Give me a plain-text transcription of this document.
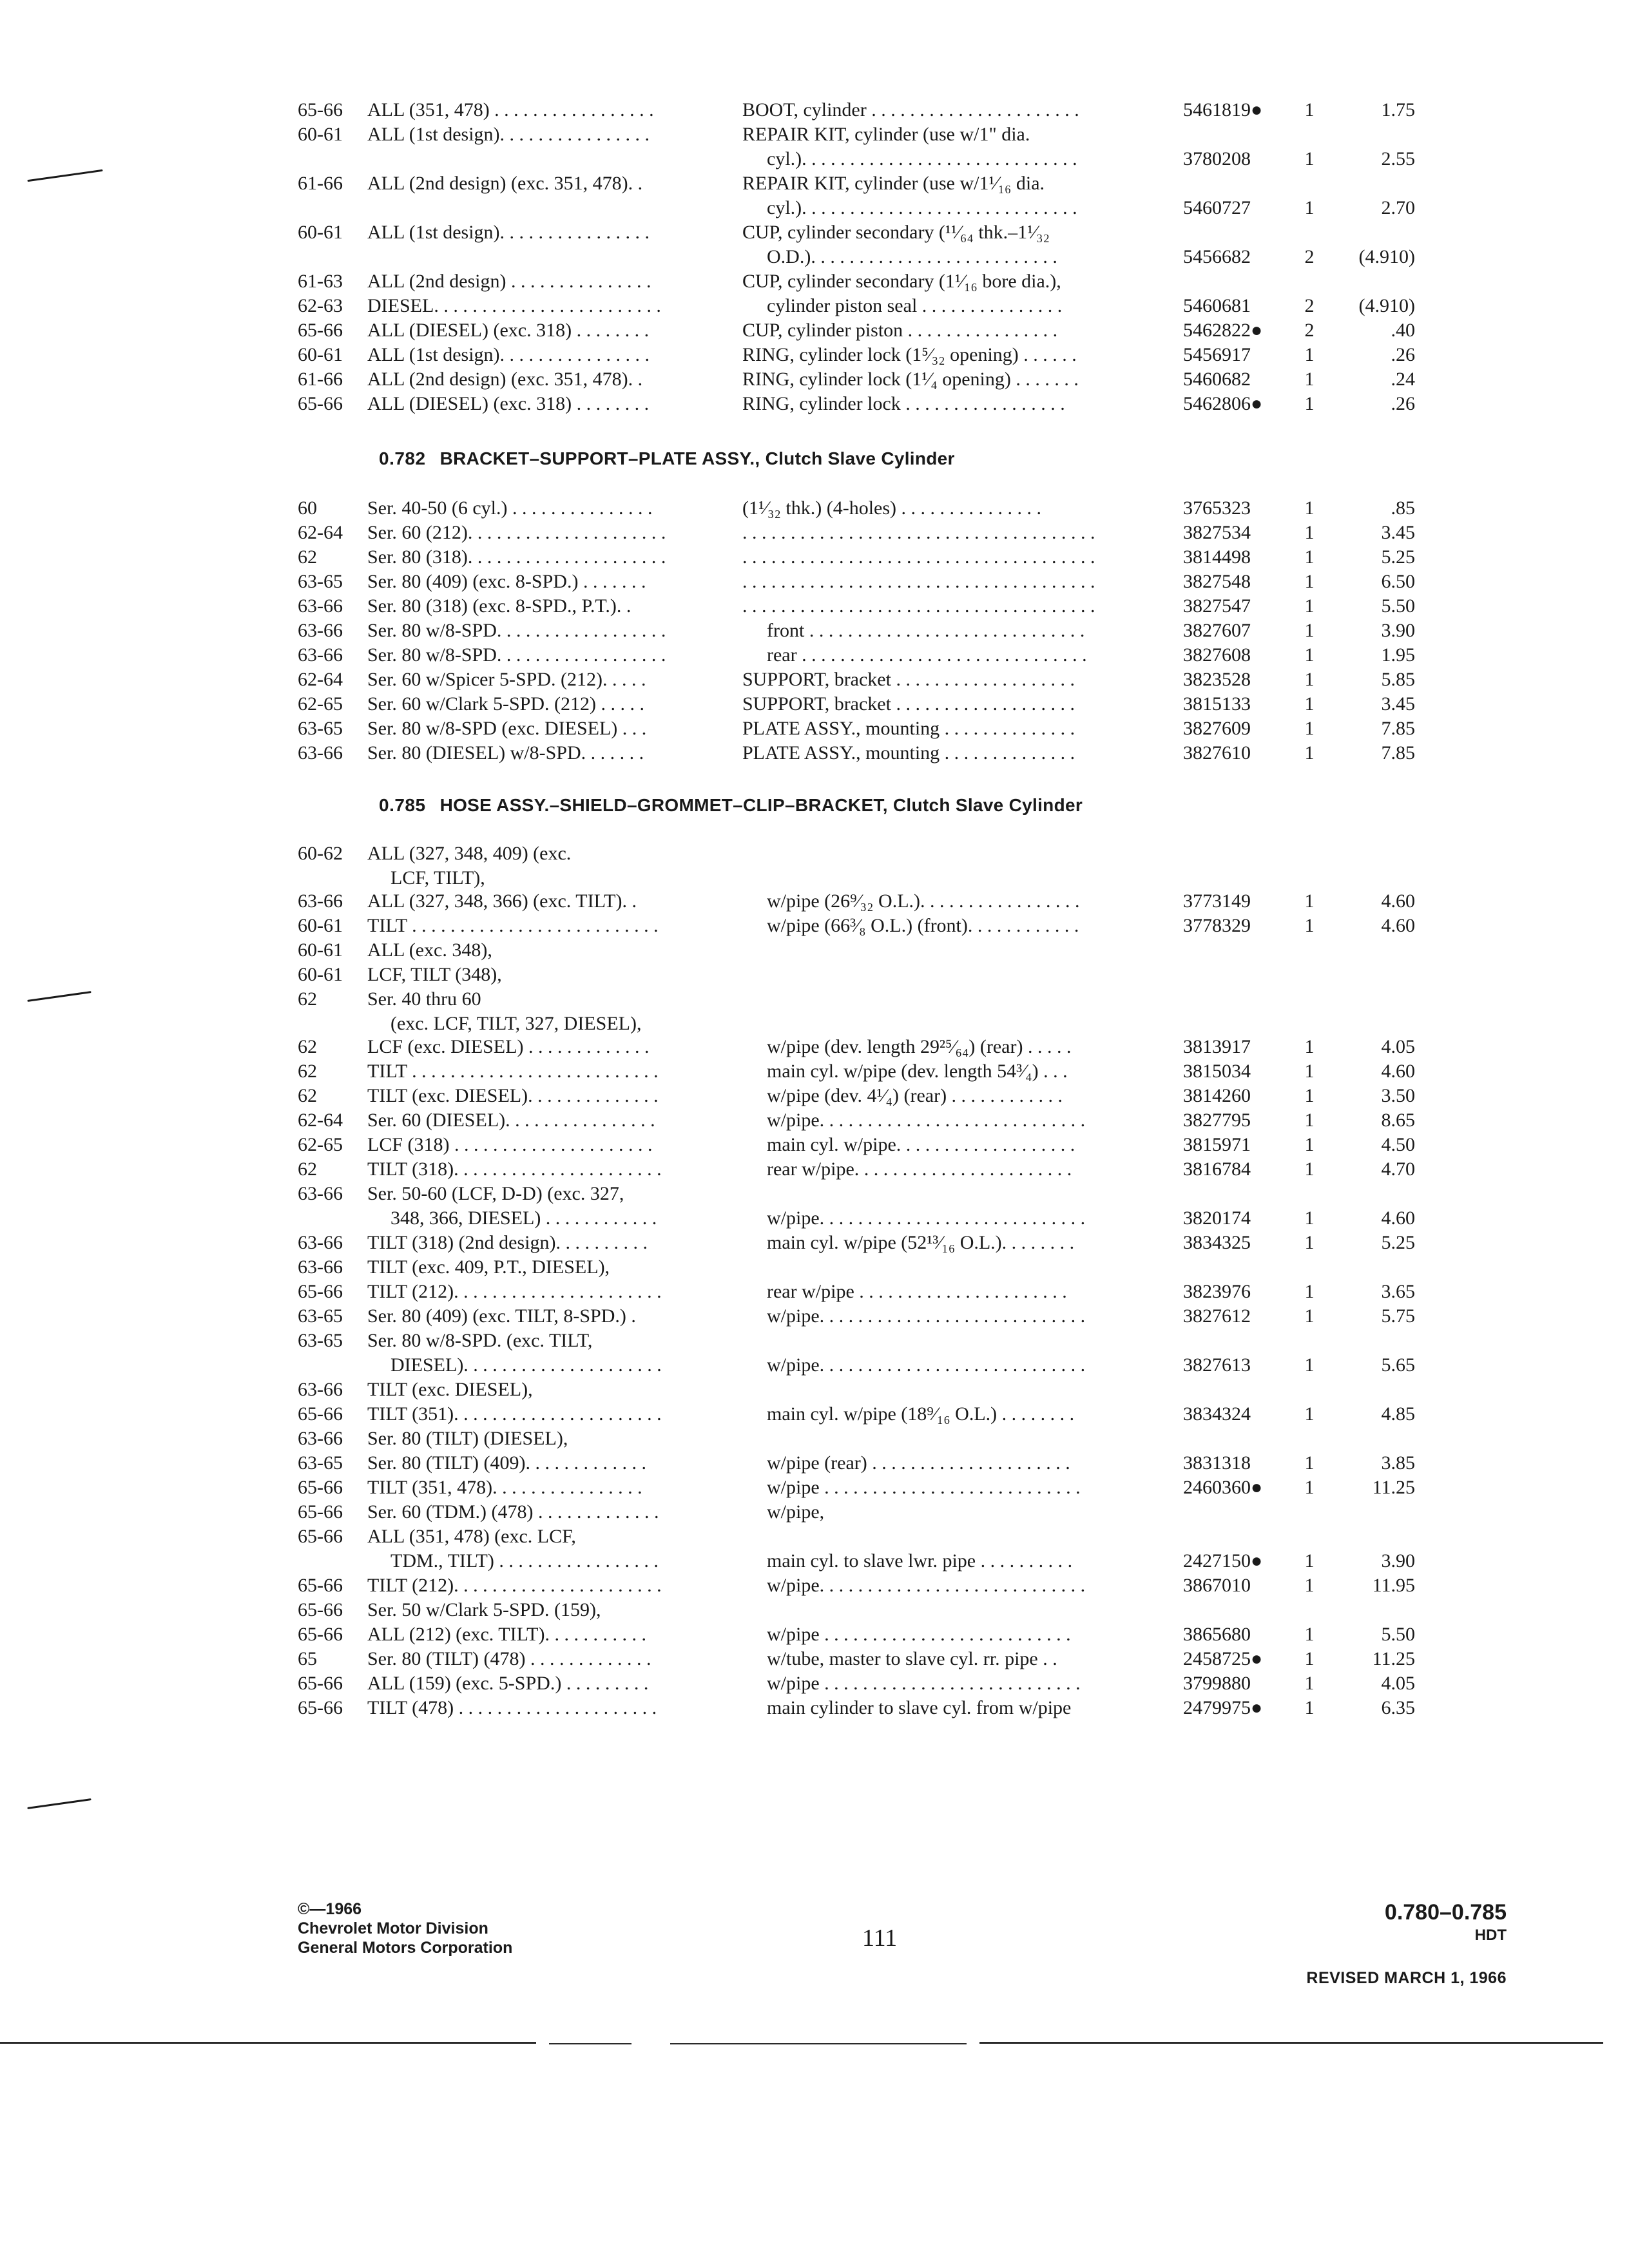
65-66	ALL (351, 478) . . . . . . . . . . . . . . . . .	BOOT, cylinder . . . . . . . . . . . . . . . . . . . . . .	5461819●	1	1.75
60-61	ALL (1st design). . . . . . . . . . . . . . . .	REPAIR KIT, cylinder (use w/1" dia.
cyl.). . . . . . . . . . . . . . . . . . . . . . . . . . . . .	3780208	1	2.55
61-66	ALL (2nd design) (exc. 351, 478). .	REPAIR KIT, cylinder (use w/1¹⁄₁₆ dia.
cyl.). . . . . . . . . . . . . . . . . . . . . . . . . . . . .	5460727	1	2.70
60-61	ALL (1st design). . . . . . . . . . . . . . . .	CUP, cylinder secondary (¹¹⁄₆₄ thk.–1¹⁄₃₂
O.D.). . . . . . . . . . . . . . . . . . . . . . . . . .	5456682	2	(4.910)
61-63	ALL (2nd design) . . . . . . . . . . . . . . .	CUP, cylinder secondary (1¹⁄₁₆ bore dia.),
62-63	DIESEL. . . . . . . . . . . . . . . . . . . . . . . .	cylinder piston seal . . . . . . . . . . . . . . .	5460681	2	(4.910)
65-66	ALL (DIESEL) (exc. 318) . . . . . . . .	CUP, cylinder piston . . . . . . . . . . . . . . . .	5462822●	2	.40
60-61	ALL (1st design). . . . . . . . . . . . . . . .	RING, cylinder lock (1⁵⁄₃₂ opening) . . . . . .	5456917	1	.26
61-66	ALL (2nd design) (exc. 351, 478). .	RING, cylinder lock (1¹⁄₄ opening) . . . . . . .	5460682	1	.24
65-66	ALL (DIESEL) (exc. 318) . . . . . . . .	RING, cylinder lock . . . . . . . . . . . . . . . . .	5462806●	1	.26
0.782 BRACKET–SUPPORT–PLATE ASSY., Clutch Slave Cylinder
60	Ser. 40-50 (6 cyl.) . . . . . . . . . . . . . . .	(1¹⁄₃₂ thk.) (4-holes) . . . . . . . . . . . . . . .	3765323	1	.85
62-64	Ser. 60 (212). . . . . . . . . . . . . . . . . . . . .	. . . . . . . . . . . . . . . . . . . . . . . . . . . . . . . . . . . . .	3827534	1	3.45
62	Ser. 80 (318). . . . . . . . . . . . . . . . . . . . .	. . . . . . . . . . . . . . . . . . . . . . . . . . . . . . . . . . . . .	3814498	1	5.25
63-65	Ser. 80 (409) (exc. 8-SPD.) . . . . . . .	. . . . . . . . . . . . . . . . . . . . . . . . . . . . . . . . . . . . .	3827548	1	6.50
63-66	Ser. 80 (318) (exc. 8-SPD., P.T.). .	. . . . . . . . . . . . . . . . . . . . . . . . . . . . . . . . . . . . .	3827547	1	5.50
63-66	Ser. 80 w/8-SPD. . . . . . . . . . . . . . . . . .	front . . . . . . . . . . . . . . . . . . . . . . . . . . . . .	3827607	1	3.90
63-66	Ser. 80 w/8-SPD. . . . . . . . . . . . . . . . . .	rear . . . . . . . . . . . . . . . . . . . . . . . . . . . . . .	3827608	1	1.95
62-64	Ser. 60 w/Spicer 5-SPD. (212). . . . .	SUPPORT, bracket . . . . . . . . . . . . . . . . . . .	3823528	1	5.85
62-65	Ser. 60 w/Clark 5-SPD. (212) . . . . .	SUPPORT, bracket . . . . . . . . . . . . . . . . . . .	3815133	1	3.45
63-65	Ser. 80 w/8-SPD (exc. DIESEL) . . .	PLATE ASSY., mounting . . . . . . . . . . . . . .	3827609	1	7.85
63-66	Ser. 80 (DIESEL) w/8-SPD. . . . . . .	PLATE ASSY., mounting . . . . . . . . . . . . . .	3827610	1	7.85
0.785 HOSE ASSY.–SHIELD–GROMMET–CLIP–BRACKET, Clutch Slave Cylinder
60-62	ALL (327, 348, 409) (exc.
LCF, TILT),
63-66	ALL (327, 348, 366) (exc. TILT). .	w/pipe (26⁹⁄₃₂ O.L.). . . . . . . . . . . . . . . . .	3773149	1	4.60
60-61	TILT . . . . . . . . . . . . . . . . . . . . . . . . . .	w/pipe (66³⁄₈ O.L.) (front). . . . . . . . . . . .	3778329	1	4.60
60-61	ALL (exc. 348),
60-61	LCF, TILT (348),
62	Ser. 40 thru 60
(exc. LCF, TILT, 327, DIESEL),
62	LCF (exc. DIESEL) . . . . . . . . . . . . .	w/pipe (dev. length 29²⁵⁄₆₄) (rear) . . . . .	3813917	1	4.05
62	TILT . . . . . . . . . . . . . . . . . . . . . . . . . .	main cyl. w/pipe (dev. length 54³⁄₄) . . .	3815034	1	4.60
62	TILT (exc. DIESEL). . . . . . . . . . . . . .	w/pipe (dev. 4¹⁄₄) (rear) . . . . . . . . . . . .	3814260	1	3.50
62-64	Ser. 60 (DIESEL). . . . . . . . . . . . . . . .	w/pipe. . . . . . . . . . . . . . . . . . . . . . . . . . . .	3827795	1	8.65
62-65	LCF (318) . . . . . . . . . . . . . . . . . . . . .	main cyl. w/pipe. . . . . . . . . . . . . . . . . . .	3815971	1	4.50
62	TILT (318). . . . . . . . . . . . . . . . . . . . . .	rear w/pipe. . . . . . . . . . . . . . . . . . . . . . .	3816784	1	4.70
63-66	Ser. 50-60 (LCF, D-D) (exc. 327,
348, 366, DIESEL) . . . . . . . . . . . .	w/pipe. . . . . . . . . . . . . . . . . . . . . . . . . . . .	3820174	1	4.60
63-66	TILT (318) (2nd design). . . . . . . . . .	main cyl. w/pipe (52¹³⁄₁₆ O.L.). . . . . . . .	3834325	1	5.25
63-66	TILT (exc. 409, P.T., DIESEL),
65-66	TILT (212). . . . . . . . . . . . . . . . . . . . . .	rear w/pipe . . . . . . . . . . . . . . . . . . . . . .	3823976	1	3.65
63-65	Ser. 80 (409) (exc. TILT, 8-SPD.) .	w/pipe. . . . . . . . . . . . . . . . . . . . . . . . . . . .	3827612	1	5.75
63-65	Ser. 80 w/8-SPD. (exc. TILT,
DIESEL). . . . . . . . . . . . . . . . . . . . .	w/pipe. . . . . . . . . . . . . . . . . . . . . . . . . . . .	3827613	1	5.65
63-66	TILT (exc. DIESEL),
65-66	TILT (351). . . . . . . . . . . . . . . . . . . . . .	main cyl. w/pipe (18⁹⁄₁₆ O.L.) . . . . . . . .	3834324	1	4.85
63-66	Ser. 80 (TILT) (DIESEL),
63-65	Ser. 80 (TILT) (409). . . . . . . . . . . . .	w/pipe (rear) . . . . . . . . . . . . . . . . . . . . .	3831318	1	3.85
65-66	TILT (351, 478). . . . . . . . . . . . . . . .	w/pipe . . . . . . . . . . . . . . . . . . . . . . . . . . .	2460360●	1	11.25
65-66	Ser. 60 (TDM.) (478) . . . . . . . . . . . . .	w/pipe,
65-66	ALL (351, 478) (exc. LCF,
TDM., TILT) . . . . . . . . . . . . . . . . .	main cyl. to slave lwr. pipe . . . . . . . . . .	2427150●	1	3.90
65-66	TILT (212). . . . . . . . . . . . . . . . . . . . . .	w/pipe. . . . . . . . . . . . . . . . . . . . . . . . . . . .	3867010	1	11.95
65-66	Ser. 50 w/Clark 5-SPD. (159),
65-66	ALL (212) (exc. TILT). . . . . . . . . . .	w/pipe . . . . . . . . . . . . . . . . . . . . . . . . . .	3865680	1	5.50
65	Ser. 80 (TILT) (478) . . . . . . . . . . . . .	w/tube, master to slave cyl. rr. pipe . .	2458725●	1	11.25
65-66	ALL (159) (exc. 5-SPD.) . . . . . . . . .	w/pipe . . . . . . . . . . . . . . . . . . . . . . . . . . .	3799880	1	4.05
65-66	TILT (478) . . . . . . . . . . . . . . . . . . . . .	main cylinder to slave cyl. from w/pipe	2479975●	1	6.35
©—1966
Chevrolet Motor Division
General Motors Corporation	111
0.780–0.785
HDT
REVISED MARCH 1, 1966
